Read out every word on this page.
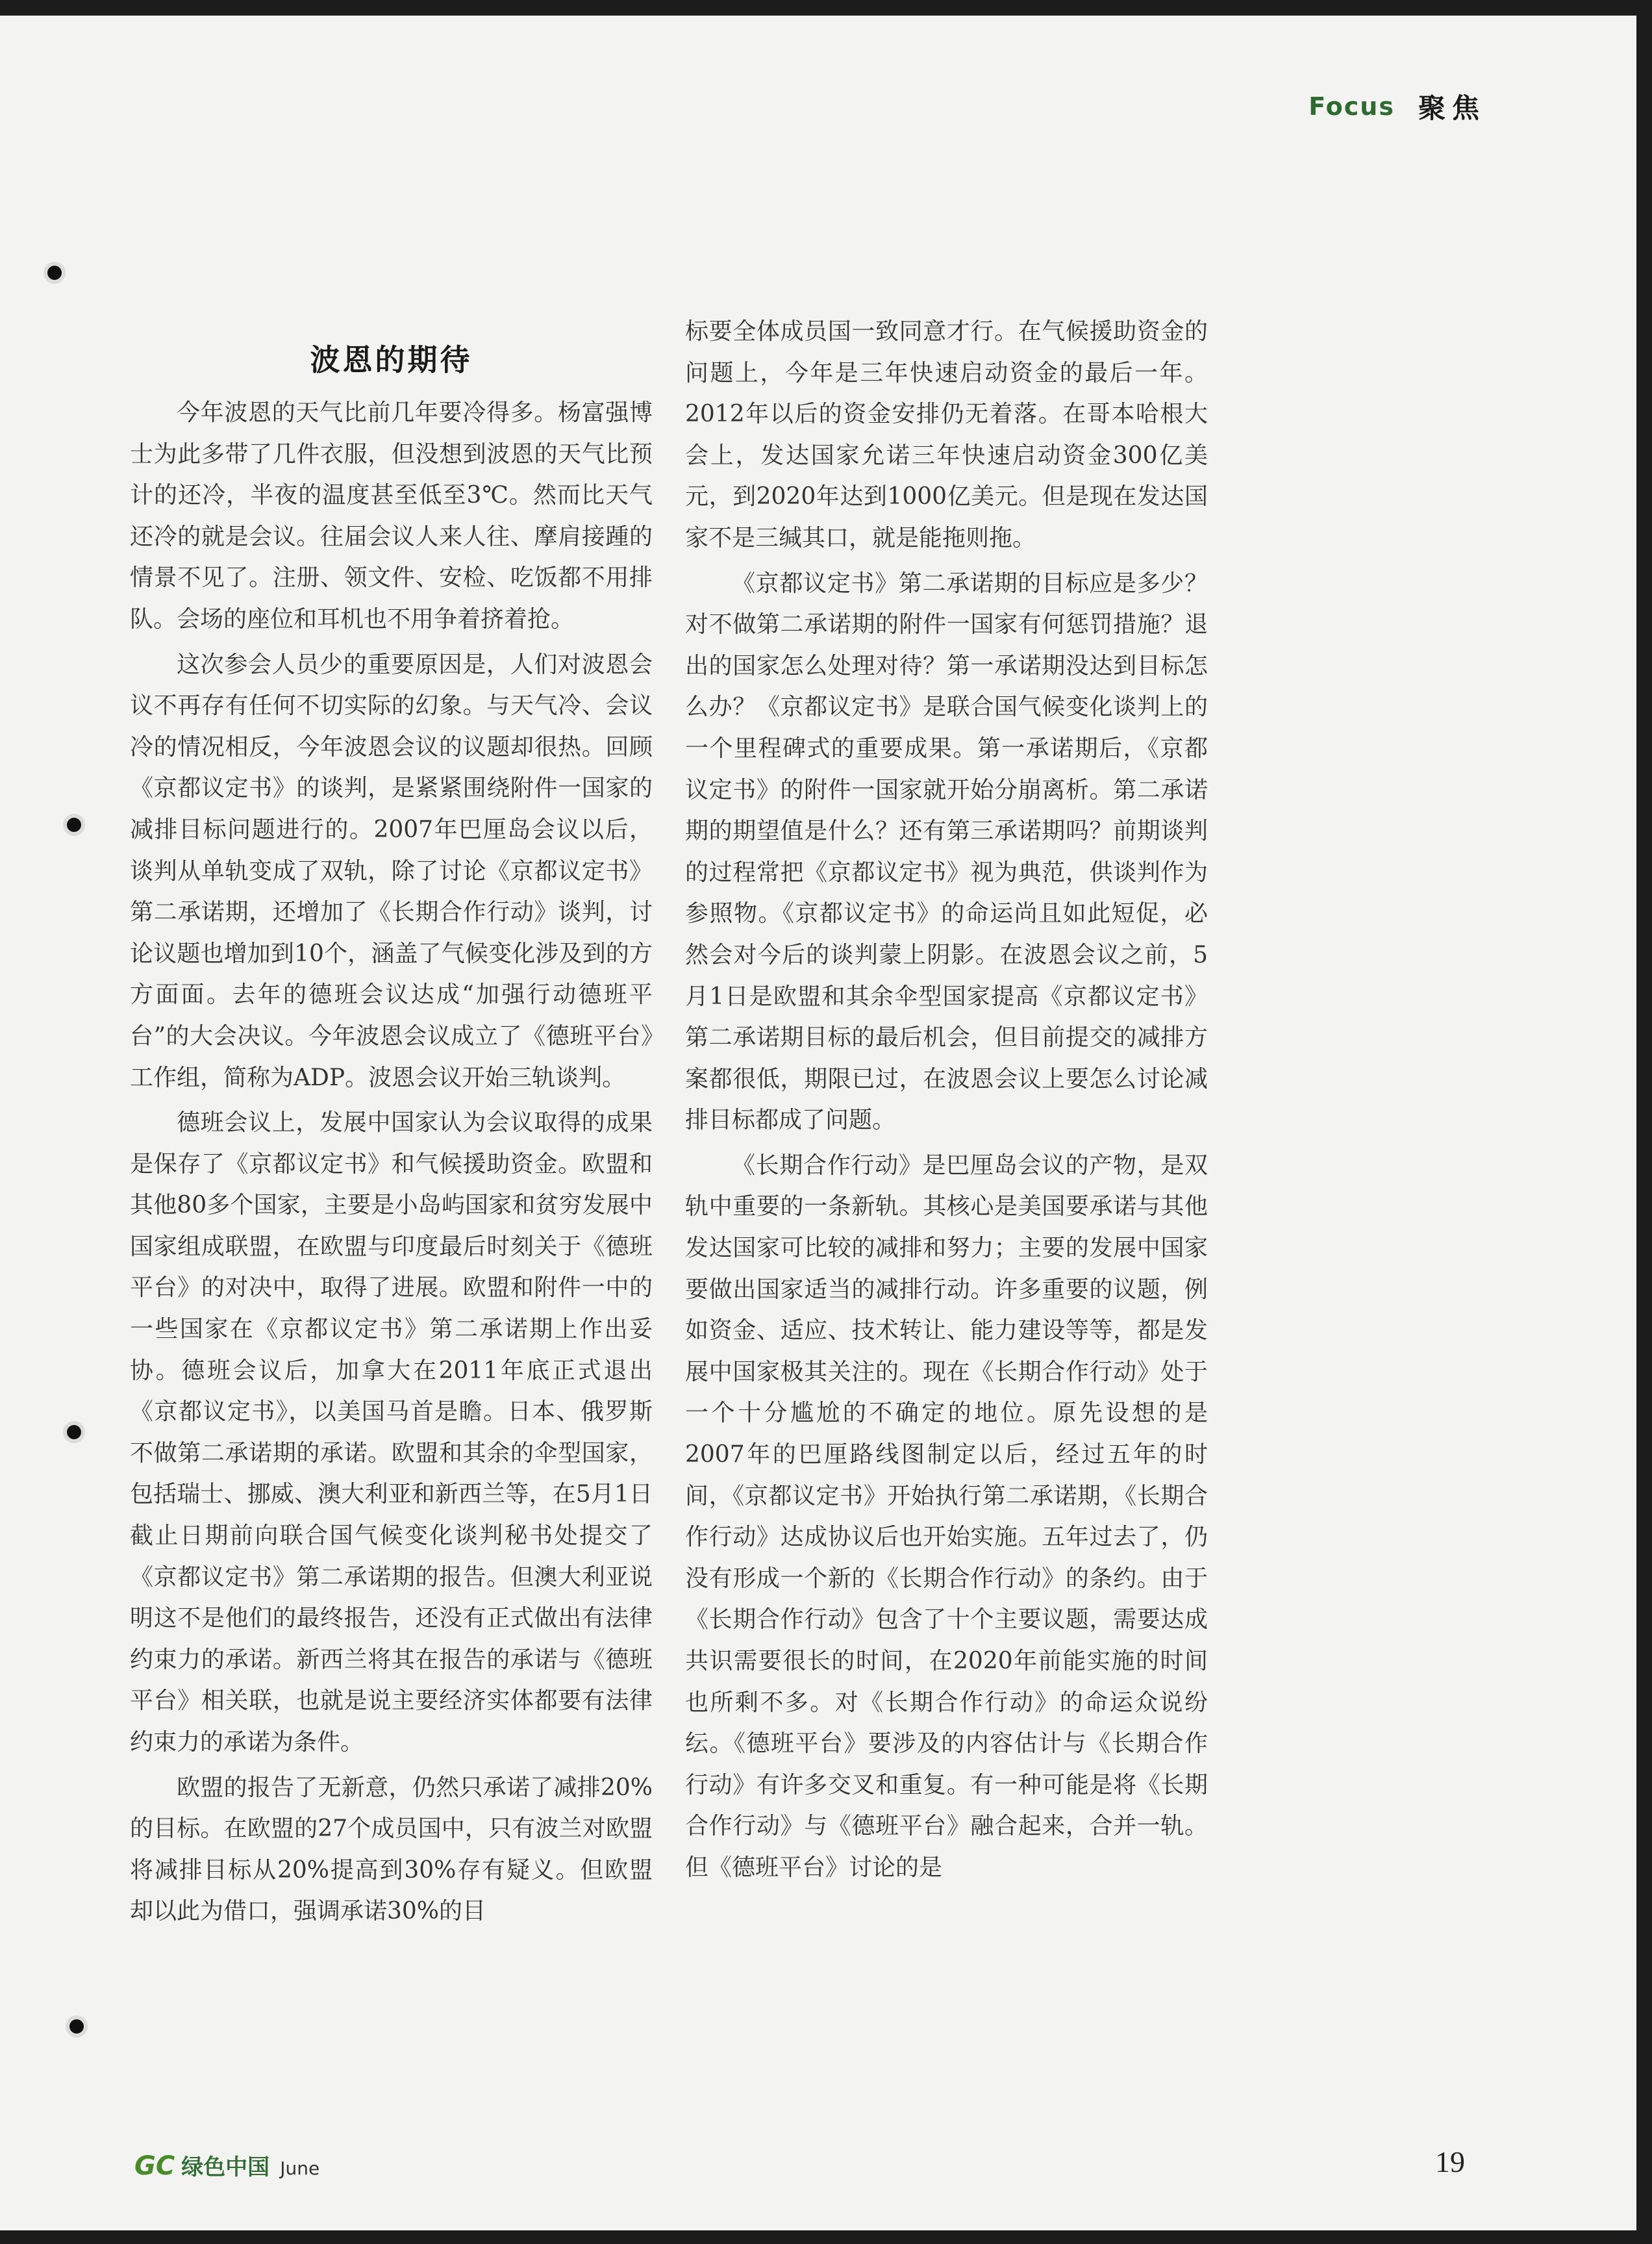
Focus 聚焦
波恩的期待

今年波恩的天气比前几年要冷得多。杨富强博士为此多带了几件衣服，但没想到波恩的天气比预计的还冷，半夜的温度甚至低至3℃。然而比天气还冷的就是会议。往届会议人来人往、摩肩接踵的情景不见了。注册、领文件、安检、吃饭都不用排队。会场的座位和耳机也不用争着挤着抢。

这次参会人员少的重要原因是，人们对波恩会议不再存有任何不切实际的幻象。与天气冷、会议冷的情况相反，今年波恩会议的议题却很热。回顾《京都议定书》的谈判，是紧紧围绕附件一国家的减排目标问题进行的。2007年巴厘岛会议以后，谈判从单轨变成了双轨，除了讨论《京都议定书》第二承诺期，还增加了《长期合作行动》谈判，讨论议题也增加到10个，涵盖了气候变化涉及到的方方面面。去年的德班会议达成“加强行动德班平台”的大会决议。今年波恩会议成立了《德班平台》工作组，简称为ADP。波恩会议开始三轨谈判。

德班会议上，发展中国家认为会议取得的成果是保存了《京都议定书》和气候援助资金。欧盟和其他80多个国家，主要是小岛屿国家和贫穷发展中国家组成联盟，在欧盟与印度最后时刻关于《德班平台》的对决中，取得了进展。欧盟和附件一中的一些国家在《京都议定书》第二承诺期上作出妥协。德班会议后，加拿大在2011年底正式退出《京都议定书》，以美国马首是瞻。日本、俄罗斯不做第二承诺期的承诺。欧盟和其余的伞型国家，包括瑞士、挪威、澳大利亚和新西兰等，在5月1日截止日期前向联合国气候变化谈判秘书处提交了《京都议定书》第二承诺期的报告。但澳大利亚说明这不是他们的最终报告，还没有正式做出有法律约束力的承诺。新西兰将其在报告的承诺与《德班平台》相关联，也就是说主要经济实体都要有法律约束力的承诺为条件。

欧盟的报告了无新意，仍然只承诺了减排20%的目标。在欧盟的27个成员国中，只有波兰对欧盟将减排目标从20%提高到30%存有疑义。但欧盟却以此为借口，强调承诺30%的目

标要全体成员国一致同意才行。在气候援助资金的问题上，今年是三年快速启动资金的最后一年。2012年以后的资金安排仍无着落。在哥本哈根大会上，发达国家允诺三年快速启动资金300亿美元，到2020年达到1000亿美元。但是现在发达国家不是三缄其口，就是能拖则拖。

《京都议定书》第二承诺期的目标应是多少？对不做第二承诺期的附件一国家有何惩罚措施？退出的国家怎么处理对待？第一承诺期没达到目标怎么办？《京都议定书》是联合国气候变化谈判上的一个里程碑式的重要成果。第一承诺期后，《京都议定书》的附件一国家就开始分崩离析。第二承诺期的期望值是什么？还有第三承诺期吗？前期谈判的过程常把《京都议定书》视为典范，供谈判作为参照物。《京都议定书》的命运尚且如此短促，必然会对今后的谈判蒙上阴影。在波恩会议之前，5月1日是欧盟和其余伞型国家提高《京都议定书》第二承诺期目标的最后机会，但目前提交的减排方案都很低，期限已过，在波恩会议上要怎么讨论减排目标都成了问题。

《长期合作行动》是巴厘岛会议的产物，是双轨中重要的一条新轨。其核心是美国要承诺与其他发达国家可比较的减排和努力；主要的发展中国家要做出国家适当的减排行动。许多重要的议题，例如资金、适应、技术转让、能力建设等等，都是发展中国家极其关注的。现在《长期合作行动》处于一个十分尴尬的不确定的地位。原先设想的是2007年的巴厘路线图制定以后，经过五年的时间，《京都议定书》开始执行第二承诺期，《长期合作行动》达成协议后也开始实施。五年过去了，仍没有形成一个新的《长期合作行动》的条约。由于《长期合作行动》包含了十个主要议题，需要达成共识需要很长的时间，在2020年前能实施的时间也所剩不多。对《长期合作行动》的命运众说纷纭。《德班平台》要涉及的内容估计与《长期合作行动》有许多交叉和重复。有一种可能是将《长期合作行动》与《德班平台》融合起来，合并一轨。但《德班平台》讨论的是

GC 绿色中国 June	19
